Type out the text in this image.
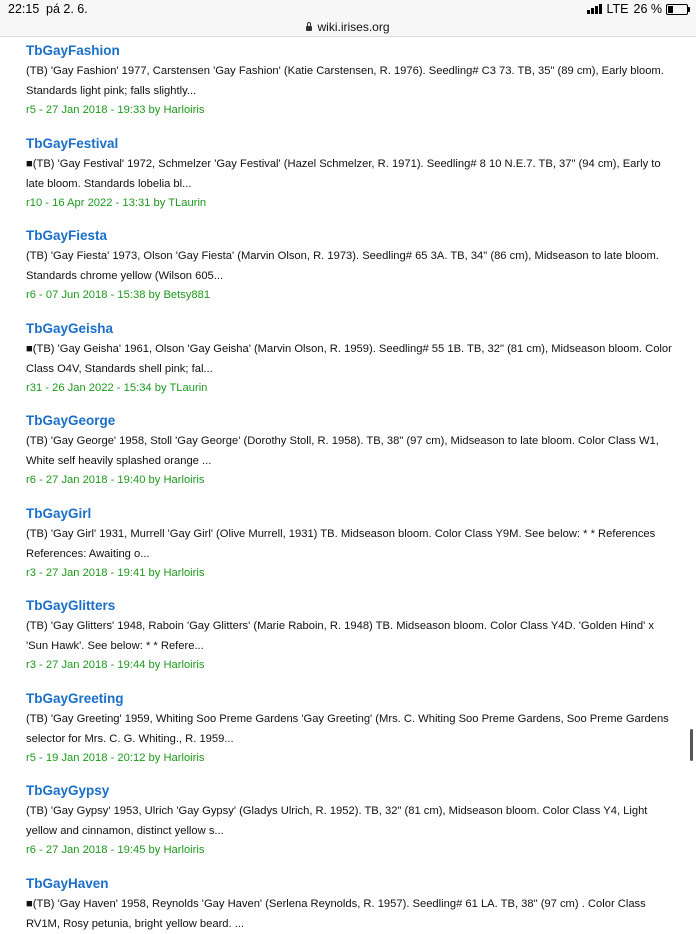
22:15 pá 2. 6.	LTE 26 %
wiki.irises.org
TbGayFashion
(TB) 'Gay Fashion' 1977, Carstensen 'Gay Fashion' (Katie Carstensen, R. 1976). Seedling# C3 73. TB, 35" (89 cm), Early bloom. Standards light pink; falls slightly...
r5 - 27 Jan 2018 - 19:33 by Harloiris
TbGayFestival
■(TB) 'Gay Festival' 1972, Schmelzer 'Gay Festival' (Hazel Schmelzer, R. 1971). Seedling# 8 10 N.E.7. TB, 37" (94 cm), Early to late bloom. Standards lobelia bl...
r10 - 16 Apr 2022 - 13:31 by TLaurin
TbGayFiesta
(TB) 'Gay Fiesta' 1973, Olson 'Gay Fiesta' (Marvin Olson, R. 1973). Seedling# 65 3A. TB, 34" (86 cm), Midseason to late bloom. Standards chrome yellow (Wilson 605...
r6 - 07 Jun 2018 - 15:38 by Betsy881
TbGayGeisha
■(TB) 'Gay Geisha' 1961, Olson 'Gay Geisha' (Marvin Olson, R. 1959). Seedling# 55 1B. TB, 32" (81 cm), Midseason bloom. Color Class O4V, Standards shell pink; fal...
r31 - 26 Jan 2022 - 15:34 by TLaurin
TbGayGeorge
(TB) 'Gay George' 1958, Stoll 'Gay George' (Dorothy Stoll, R. 1958). TB, 38" (97 cm), Midseason to late bloom. Color Class W1, White self heavily splashed orange ...
r6 - 27 Jan 2018 - 19:40 by Harloiris
TbGayGirl
(TB) 'Gay Girl' 1931, Murrell 'Gay Girl' (Olive Murrell, 1931) TB. Midseason bloom. Color Class Y9M. See below: * * References References: Awaiting o...
r3 - 27 Jan 2018 - 19:41 by Harloiris
TbGayGlitters
(TB) 'Gay Glitters' 1948, Raboin 'Gay Glitters' (Marie Raboin, R. 1948) TB. Midseason bloom. Color Class Y4D. 'Golden Hind' x 'Sun Hawk'. See below: * * Refere...
r3 - 27 Jan 2018 - 19:44 by Harloiris
TbGayGreeting
(TB) 'Gay Greeting' 1959, Whiting Soo Preme Gardens 'Gay Greeting' (Mrs. C. Whiting Soo Preme Gardens, Soo Preme Gardens selector for Mrs. C. G. Whiting., R. 1959...
r5 - 19 Jan 2018 - 20:12 by Harloiris
TbGayGypsy
(TB) 'Gay Gypsy' 1953, Ulrich 'Gay Gypsy' (Gladys Ulrich, R. 1952). TB, 32" (81 cm), Midseason bloom. Color Class Y4, Light yellow and cinnamon, distinct yellow s...
r6 - 27 Jan 2018 - 19:45 by Harloiris
TbGayHaven
■(TB) 'Gay Haven' 1958, Reynolds 'Gay Haven' (Serlena Reynolds, R. 1957). Seedling# 61 LA. TB, 38" (97 cm) . Color Class RV1M, Rosy petunia, bright yellow beard. ...
